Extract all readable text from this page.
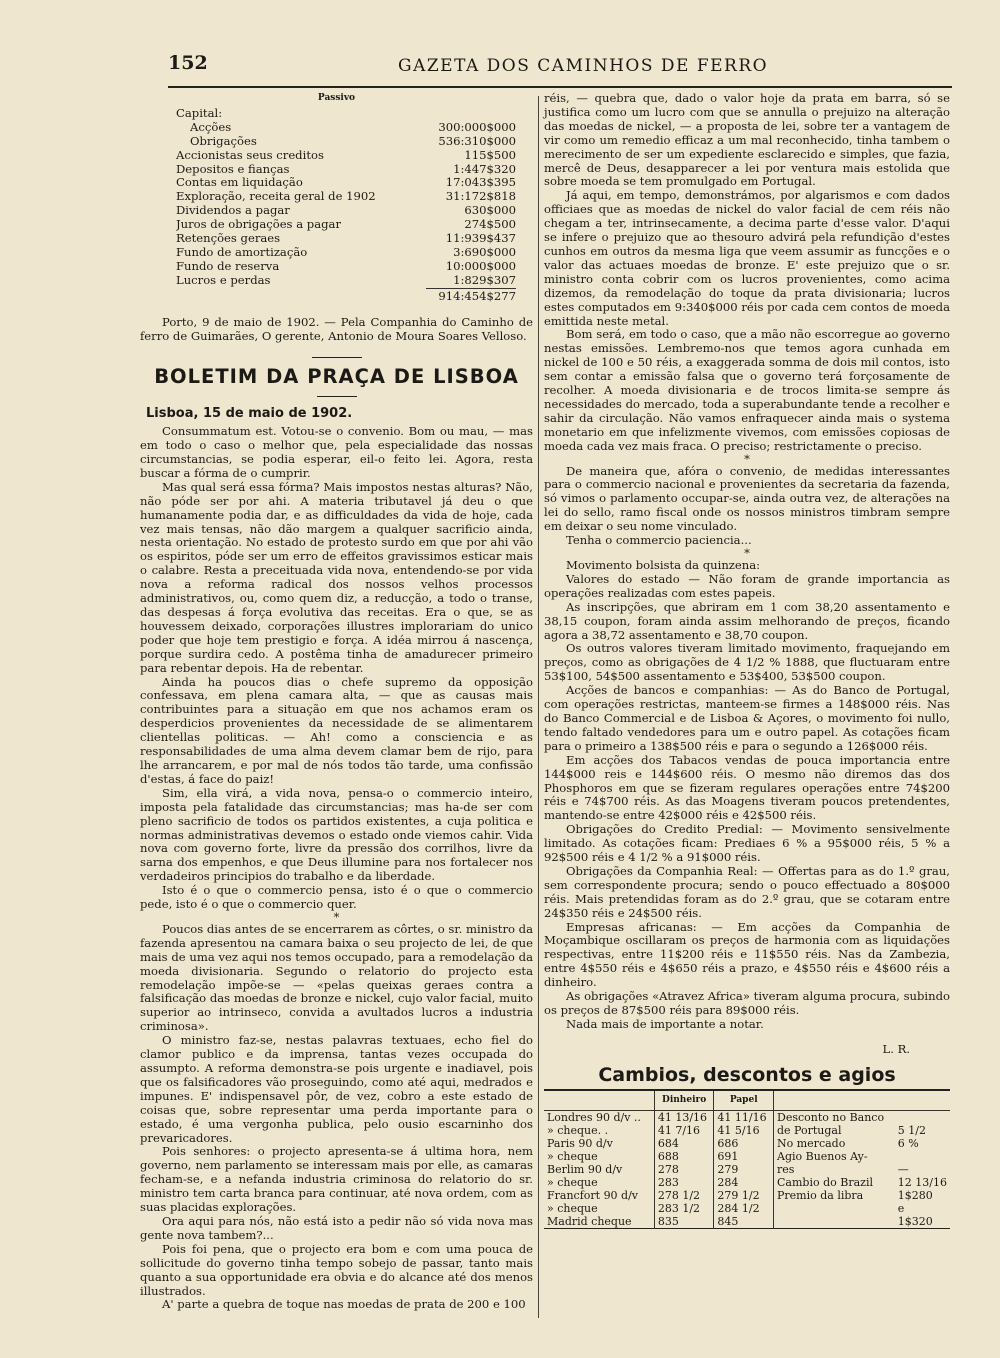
152	GAZETA DOS CAMINHOS DE FERRO

Passivo

Capital:
Acções	300:000$000
Obrigações	536:310$000
Accionistas seus creditos	115$500
Depositos e fianças	1:447$320
Contas em liquidação	17:043$395
Exploração, receita geral de 1902	31:172$818
Dividendos a pagar	630$000
Juros de obrigações a pagar	274$500
Retenções geraes	11:939$437
Fundo de amortização	3:690$000
Fundo de reserva	10:000$000
Lucros e perdas	1:829$307
914:454$277

Porto, 9 de maio de 1902. — Pela Companhia do Caminho de ferro de Guimarães, O gerente, Antonio de Moura Soares Velloso.

BOLETIM DA PRAÇA DE LISBOA

Lisboa, 15 de maio de 1902.

Consummatum est. Votou-se o convenio. Bom ou mau, — mas em todo o caso o melhor que, pela especialidade das nossas circumstancias, se podia esperar, eil-o feito lei. Agora, resta buscar a fórma de o cumprir.

Mas qual será essa fórma? Mais impostos nestas alturas? Não, não póde ser por ahi. A materia tributavel já deu o que humanamente podia dar, e as difficuldades da vida de hoje, cada vez mais tensas, não dão margem a qualquer sacrificio ainda, nesta orientação. No estado de protesto surdo em que por ahi vão os espiritos, póde ser um erro de effeitos gravissimos esticar mais o calabre. Resta a preceituada vida nova, entendendo-se por vida nova a reforma radical dos nossos velhos processos administrativos, ou, como quem diz, a reducção, a todo o transe, das despesas á força evolutiva das receitas. Era o que, se as houvessem deixado, corporações illustres implorariam do unico poder que hoje tem prestigio e força. A idéa mirrou á nascença, porque surdira cedo. A postêma tinha de amadurecer primeiro para rebentar depois. Ha de rebentar.

Ainda ha poucos dias o chefe supremo da opposição confessava, em plena camara alta, — que as causas mais contribuintes para a situação em que nos achamos eram os desperdicios provenientes da necessidade de se alimentarem clientellas politicas. — Ah! como a consciencia e as responsabilidades de uma alma devem clamar bem de rijo, para lhe arrancarem, e por mal de nós todos tão tarde, uma confissão d'estas, á face do paiz!

Sim, ella virá, a vida nova, pensa-o o commercio inteiro, imposta pela fatalidade das circumstancias; mas ha-de ser com pleno sacrificio de todos os partidos existentes, a cuja politica e normas administrativas devemos o estado onde viemos cahir. Vida nova com governo forte, livre da pressão dos corrilhos, livre da sarna dos empenhos, e que Deus illumine para nos fortalecer nos verdadeiros principios do trabalho e da liberdade.

Isto é o que o commercio pensa, isto é o que o commercio pede, isto é o que o commercio quer.

*

Poucos dias antes de se encerrarem as côrtes, o sr. ministro da fazenda apresentou na camara baixa o seu projecto de lei, de que mais de uma vez aqui nos temos occupado, para a remodelação da moeda divisionaria. Segundo o relatorio do projecto esta remodelação impõe-se — «pelas queixas geraes contra a falsificação das moedas de bronze e nickel, cujo valor facial, muito superior ao intrinseco, convida a avultados lucros a industria criminosa».

O ministro faz-se, nestas palavras textuaes, echo fiel do clamor publico e da imprensa, tantas vezes occupada do assumpto. A reforma demonstra-se pois urgente e inadiavel, pois que os falsificadores vão proseguindo, como até aqui, medrados e impunes. E' indispensavel pôr, de vez, cobro a este estado de coisas que, sobre representar uma perda importante para o estado, é uma vergonha publica, pelo ousio escarninho dos prevaricadores.

Pois senhores: o projecto apresenta-se á ultima hora, nem governo, nem parlamento se interessam mais por elle, as camaras fecham-se, e a nefanda industria criminosa do relatorio do sr. ministro tem carta branca para continuar, até nova ordem, com as suas placidas explorações.

Ora aqui para nós, não está isto a pedir não só vida nova mas gente nova tambem?...

Pois foi pena, que o projecto era bom e com uma pouca de sollicitude do governo tinha tempo sobejo de passar, tanto mais quanto a sua opportunidade era obvia e do alcance até dos menos illustrados.

A' parte a quebra de toque nas moedas de prata de 200 e 100

réis, — quebra que, dado o valor hoje da prata em barra, só se justifica como um lucro com que se annulla o prejuizo na alteração das moedas de nickel, — a proposta de lei, sobre ter a vantagem de vir como um remedio efficaz a um mal reconhecido, tinha tambem o merecimento de ser um expediente esclarecido e simples, que fazia, mercê de Deus, desapparecer a lei por ventura mais estolida que sobre moeda se tem promulgado em Portugal.

Já aqui, em tempo, demonstrámos, por algarismos e com dados officiaes que as moedas de nickel do valor facial de cem réis não chegam a ter, intrinsecamente, a decima parte d'esse valor. D'aqui se infere o prejuizo que ao thesouro advirá pela refundição d'estes cunhos em outros da mesma liga que veem assumir as funcções e o valor das actuaes moedas de bronze. E' este prejuizo que o sr. ministro conta cobrir com os lucros provenientes, como acima dizemos, da remodelação do toque da prata divisionaria; lucros estes computados em 9:340$000 réis por cada cem contos de moeda emittida neste metal.

Bom será, em todo o caso, que a mão não escorregue ao governo nestas emissões. Lembremo-nos que temos agora cunhada em nickel de 100 e 50 réis, a exaggerada somma de dois mil contos, isto sem contar a emissão falsa que o governo terá forçosamente de recolher. A moeda divisionaria e de trocos limita-se sempre ás necessidades do mercado, toda a superabundante tende a recolher e sahir da circulação. Não vamos enfraquecer ainda mais o systema monetario em que infelizmente vivemos, com emissões copiosas de moeda cada vez mais fraca. O preciso; restrictamente o preciso.

*

De maneira que, afóra o convenio, de medidas interessantes para o commercio nacional e provenientes da secretaria da fazenda, só vimos o parlamento occupar-se, ainda outra vez, de alterações na lei do sello, ramo fiscal onde os nossos ministros timbram sempre em deixar o seu nome vinculado.

Tenha o commercio paciencia...

*

Movimento bolsista da quinzena:

Valores do estado — Não foram de grande importancia as operações realizadas com estes papeis.

As inscripções, que abriram em 1 com 38,20 assentamento e 38,15 coupon, foram ainda assim melhorando de preços, ficando agora a 38,72 assentamento e 38,70 coupon.

Os outros valores tiveram limitado movimento, fraquejando em preços, como as obrigações de 4 1/2 % 1888, que fluctuaram entre 53$100, 54$500 assentamento e 53$400, 53$500 coupon.

Acções de bancos e companhias: — As do Banco de Portugal, com operações restrictas, manteem-se firmes a 148$000 réis. Nas do Banco Commercial e de Lisboa & Açores, o movimento foi nullo, tendo faltado vendedores para um e outro papel. As cotações ficam para o primeiro a 138$500 réis e para o segundo a 126$000 réis.

Em acções dos Tabacos vendas de pouca importancia entre 144$000 reis e 144$600 réis. O mesmo não diremos das dos Phosphoros em que se fizeram regulares operações entre 74$200 réis e 74$700 réis. As das Moagens tiveram poucos pretendentes, mantendo-se entre 42$000 réis e 42$500 réis.

Obrigações do Credito Predial: — Movimento sensivelmente limitado. As cotações ficam: Prediaes 6 % a 95$000 réis, 5 % a 92$500 réis e 4 1/2 % a 91$000 réis.

Obrigações da Companhia Real: — Offertas para as do 1.º grau, sem correspondente procura; sendo o pouco effectuado a 80$000 réis. Mais pretendidas foram as do 2.º grau, que se cotaram entre 24$350 réis e 24$500 réis.

Empresas africanas: — Em acções da Companhia de Moçambique oscillaram os preços de harmonia com as liquidações respectivas, entre 11$200 réis e 11$550 réis. Nas da Zambezia, entre 4$550 réis e 4$650 réis a prazo, e 4$550 réis e 4$600 réis a dinheiro.

As obrigações «Atravez Africa» tiveram alguma procura, subindo os preços de 87$500 réis para 89$000 réis.

Nada mais de importante a notar.

L. R.

Cambios, descontos e agios

	Dinheiro	Papel		
Londres 90 d/v ..	41 13/16	41 11/16	Desconto no Banco	
» cheque. .	41 7/16	41 5/16	de Portugal	5 1/2
Paris 90 d/v	684	686	No mercado	6 %
» cheque	688	691	Agio Buenos Ay-	
Berlim 90 d/v	278	279	res	—
» cheque	283	284	Cambio do Brazil	12 13/16
Francfort 90 d/v	278 1/2	279 1/2	Premio da libra	1$280
» cheque	283 1/2	284 1/2		e
Madrid cheque	835	845		1$320
